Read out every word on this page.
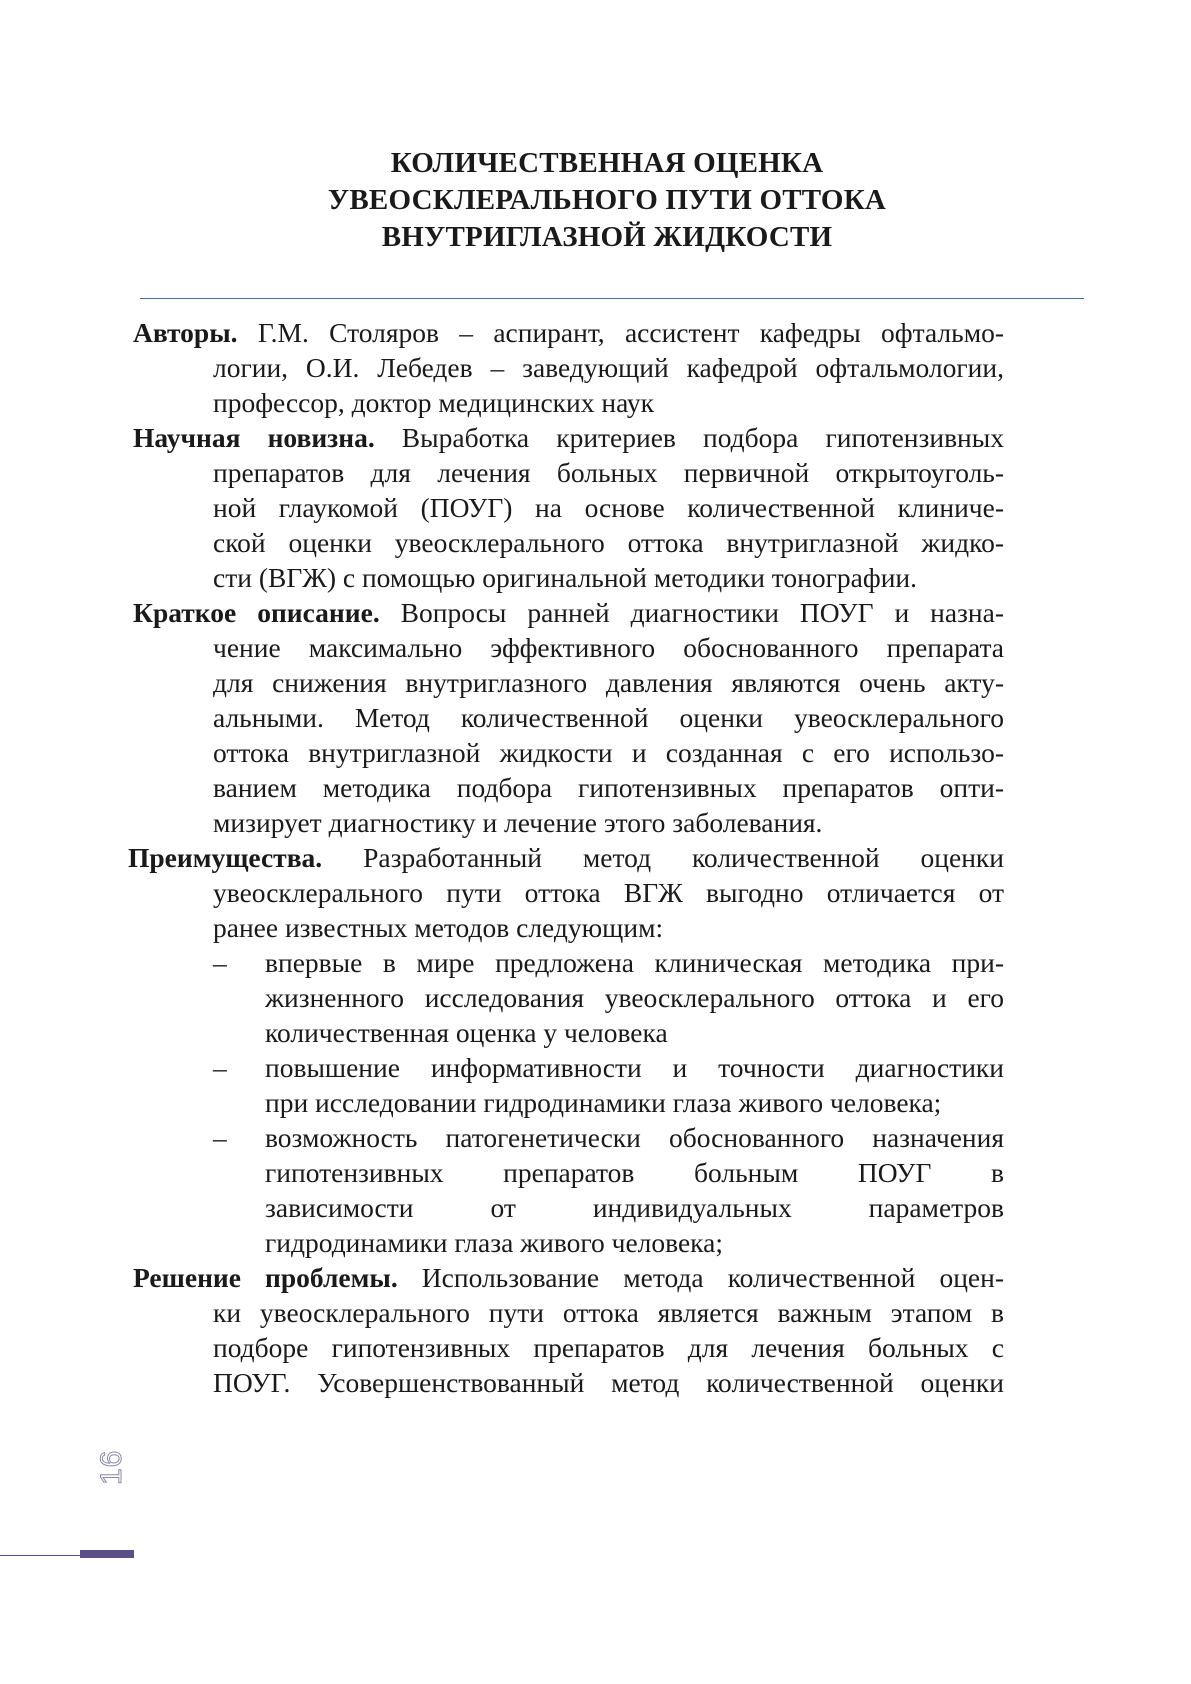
КОЛИЧЕСТВЕННАЯ ОЦЕНКА
УВЕОСКЛЕРАЛЬНОГО ПУТИ ОТТОКА
ВНУТРИГЛАЗНОЙ ЖИДКОСТИ
Авторы. Г.М. Столяров – аспирант, ассистент кафедры офтальмо-
логии, О.И. Лебедев – заведующий кафедрой офтальмологии,
профессор, доктор медицинских наук
Научная новизна. Выработка критериев подбора гипотензивных
препаратов для лечения больных первичной открытоуголь-
ной глаукомой (ПОУГ) на основе количественной клиниче-
ской оценки увеосклерального оттока внутриглазной жидко-
сти (ВГЖ) с помощью оригинальной методики тонографии.
Краткое описание. Вопросы ранней диагностики ПОУГ и назна-
чение максимально эффективного обоснованного препарата
для снижения внутриглазного давления являются очень акту-
альными. Метод количественной оценки увеосклерального
оттока внутриглазной жидкости и созданная с его использо-
ванием методика подбора гипотензивных препаратов опти-
мизирует диагностику и лечение этого заболевания.
Преимущества. Разработанный метод количественной оценки
увеосклерального пути оттока ВГЖ выгодно отличается от
ранее известных методов следующим:
– впервые в мире предложена клиническая методика при-
жизненного исследования увеосклерального оттока и его
количественная оценка у человека
– повышение информативности и точности диагностики
при исследовании гидродинамики глаза живого человека;
– возможность патогенетически обоснованного назначения
гипотензивных препаратов больным ПОУГ в
зависимости от индивидуальных параметров
гидродинамики глаза живого человека;
Решение проблемы. Использование метода количественной оцен-
ки увеосклерального пути оттока является важным этапом в
подборе гипотензивных препаратов для лечения больных с
ПОУГ. Усовершенствованный метод количественной оценки
16
